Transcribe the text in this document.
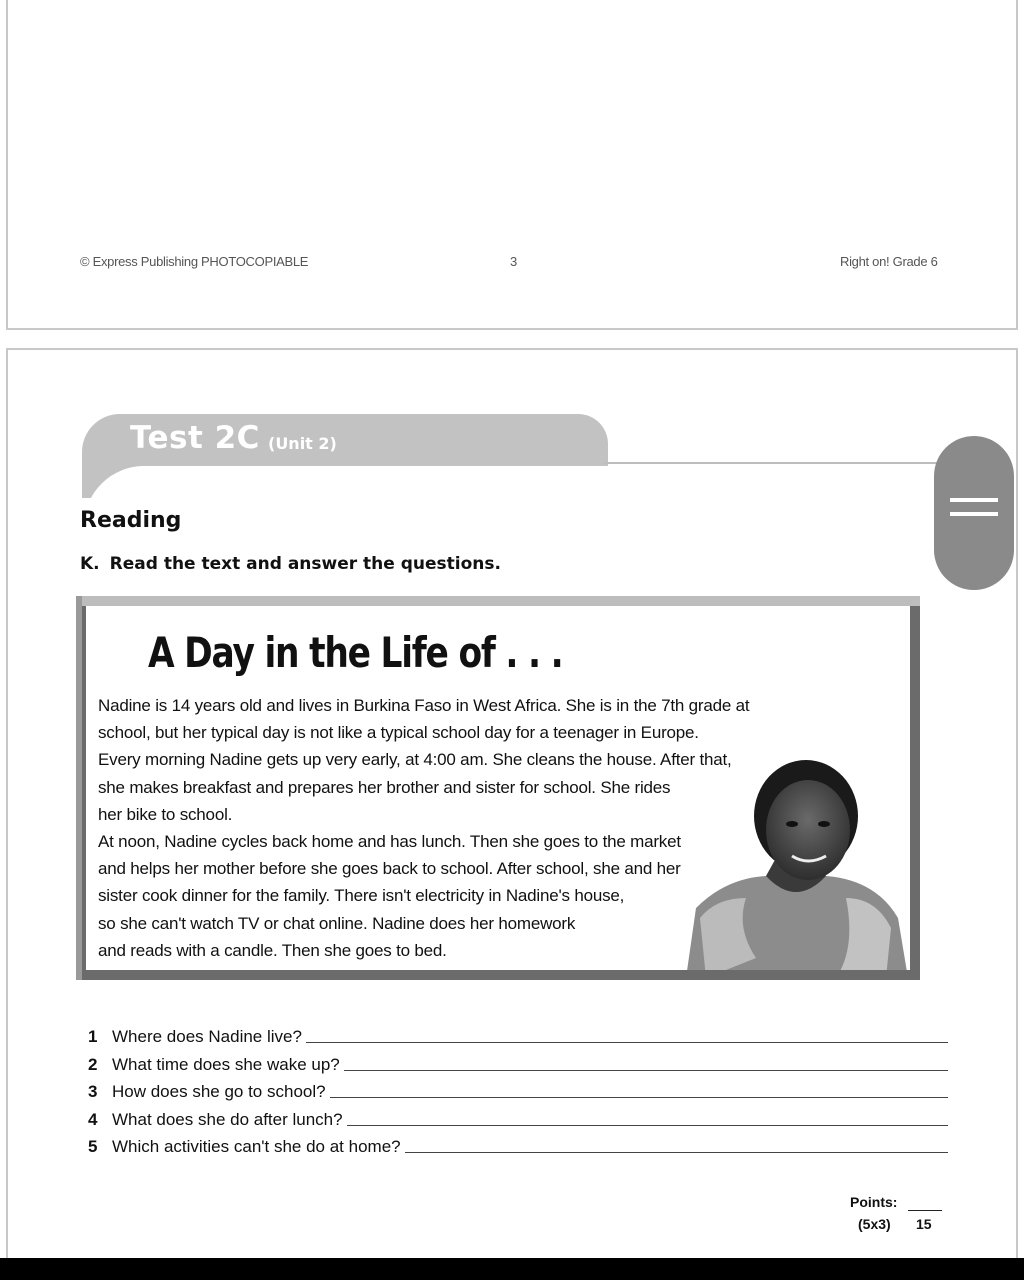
© Express Publishing PHOTOCOPIABLE	3	Right on! Grade 6
Test 2C (Unit 2)
Reading
K. Read the text and answer the questions.
A Day in the Life of . . .
Nadine is 14 years old and lives in Burkina Faso in West Africa. She is in the 7th grade at
school, but her typical day is not like a typical school day for a teenager in Europe.
Every morning Nadine gets up very early, at 4:00 am. She cleans the house. After that,
she makes breakfast and prepares her brother and sister for school. She rides
her bike to school.
At noon, Nadine cycles back home and has lunch. Then she goes to the market
and helps her mother before she goes back to school. After school, she and her
sister cook dinner for the family. There isn't electricity in Nadine's house,
so she can't watch TV or chat online. Nadine does her homework
and reads with a candle. Then she goes to bed.
1 Where does Nadine live?
2 What time does she wake up?
3 How does she go to school?
4 What does she do after lunch?
5 Which activities can't she do at home?
Points:
(5x3) 15
